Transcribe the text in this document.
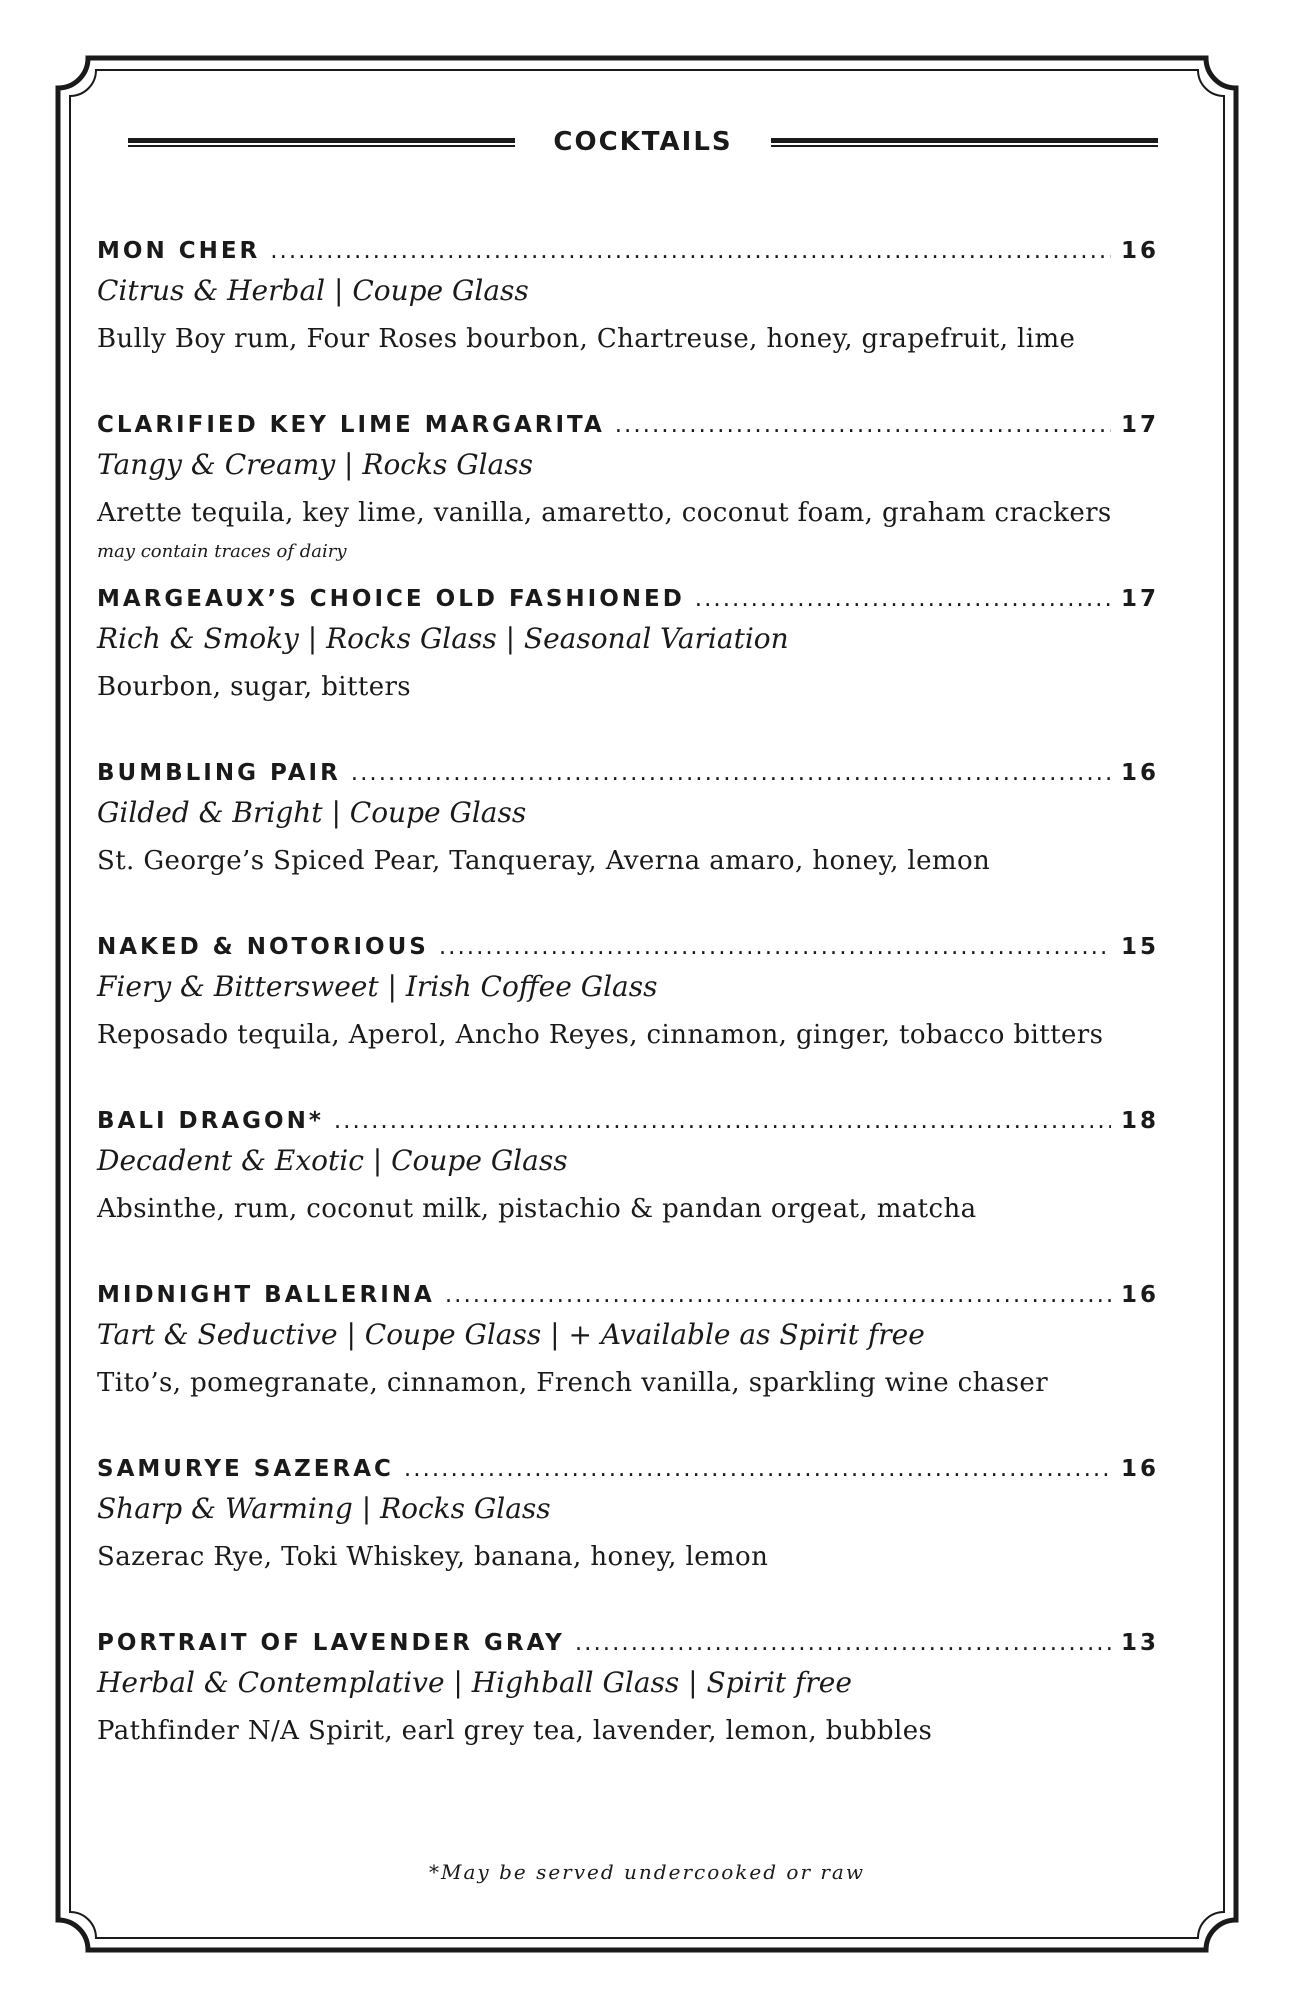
COCKTAILS
MON CHER .....	16
Citrus & Herbal | Coupe Glass
Bully Boy rum, Four Roses bourbon, Chartreuse, honey, grapefruit, lime
CLARIFIED KEY LIME MARGARITA .....	17
Tangy & Creamy | Rocks Glass
Arette tequila, key lime, vanilla, amaretto, coconut foam, graham crackers
may contain traces of dairy
MARGEAUX’S CHOICE OLD FASHIONED .....	17
Rich & Smoky | Rocks Glass | Seasonal Variation
Bourbon, sugar, bitters
BUMBLING PAIR .....	16
Gilded & Bright | Coupe Glass
St. George’s Spiced Pear, Tanqueray, Averna amaro, honey, lemon
NAKED & NOTORIOUS .....	15
Fiery & Bittersweet | Irish Coffee Glass
Reposado tequila, Aperol, Ancho Reyes, cinnamon, ginger, tobacco bitters
BALI DRAGON* .....	18
Decadent & Exotic | Coupe Glass
Absinthe, rum, coconut milk, pistachio & pandan orgeat, matcha
MIDNIGHT BALLERINA .....	16
Tart & Seductive | Coupe Glass | + Available as Spirit free
Tito’s, pomegranate, cinnamon, French vanilla, sparkling wine chaser
SAMURYE SAZERAC .....	16
Sharp & Warming | Rocks Glass
Sazerac Rye, Toki Whiskey, banana, honey, lemon
PORTRAIT OF LAVENDER GRAY .....	13
Herbal & Contemplative | Highball Glass | Spirit free
Pathfinder N/A Spirit, earl grey tea, lavender, lemon, bubbles
*May be served undercooked or raw
